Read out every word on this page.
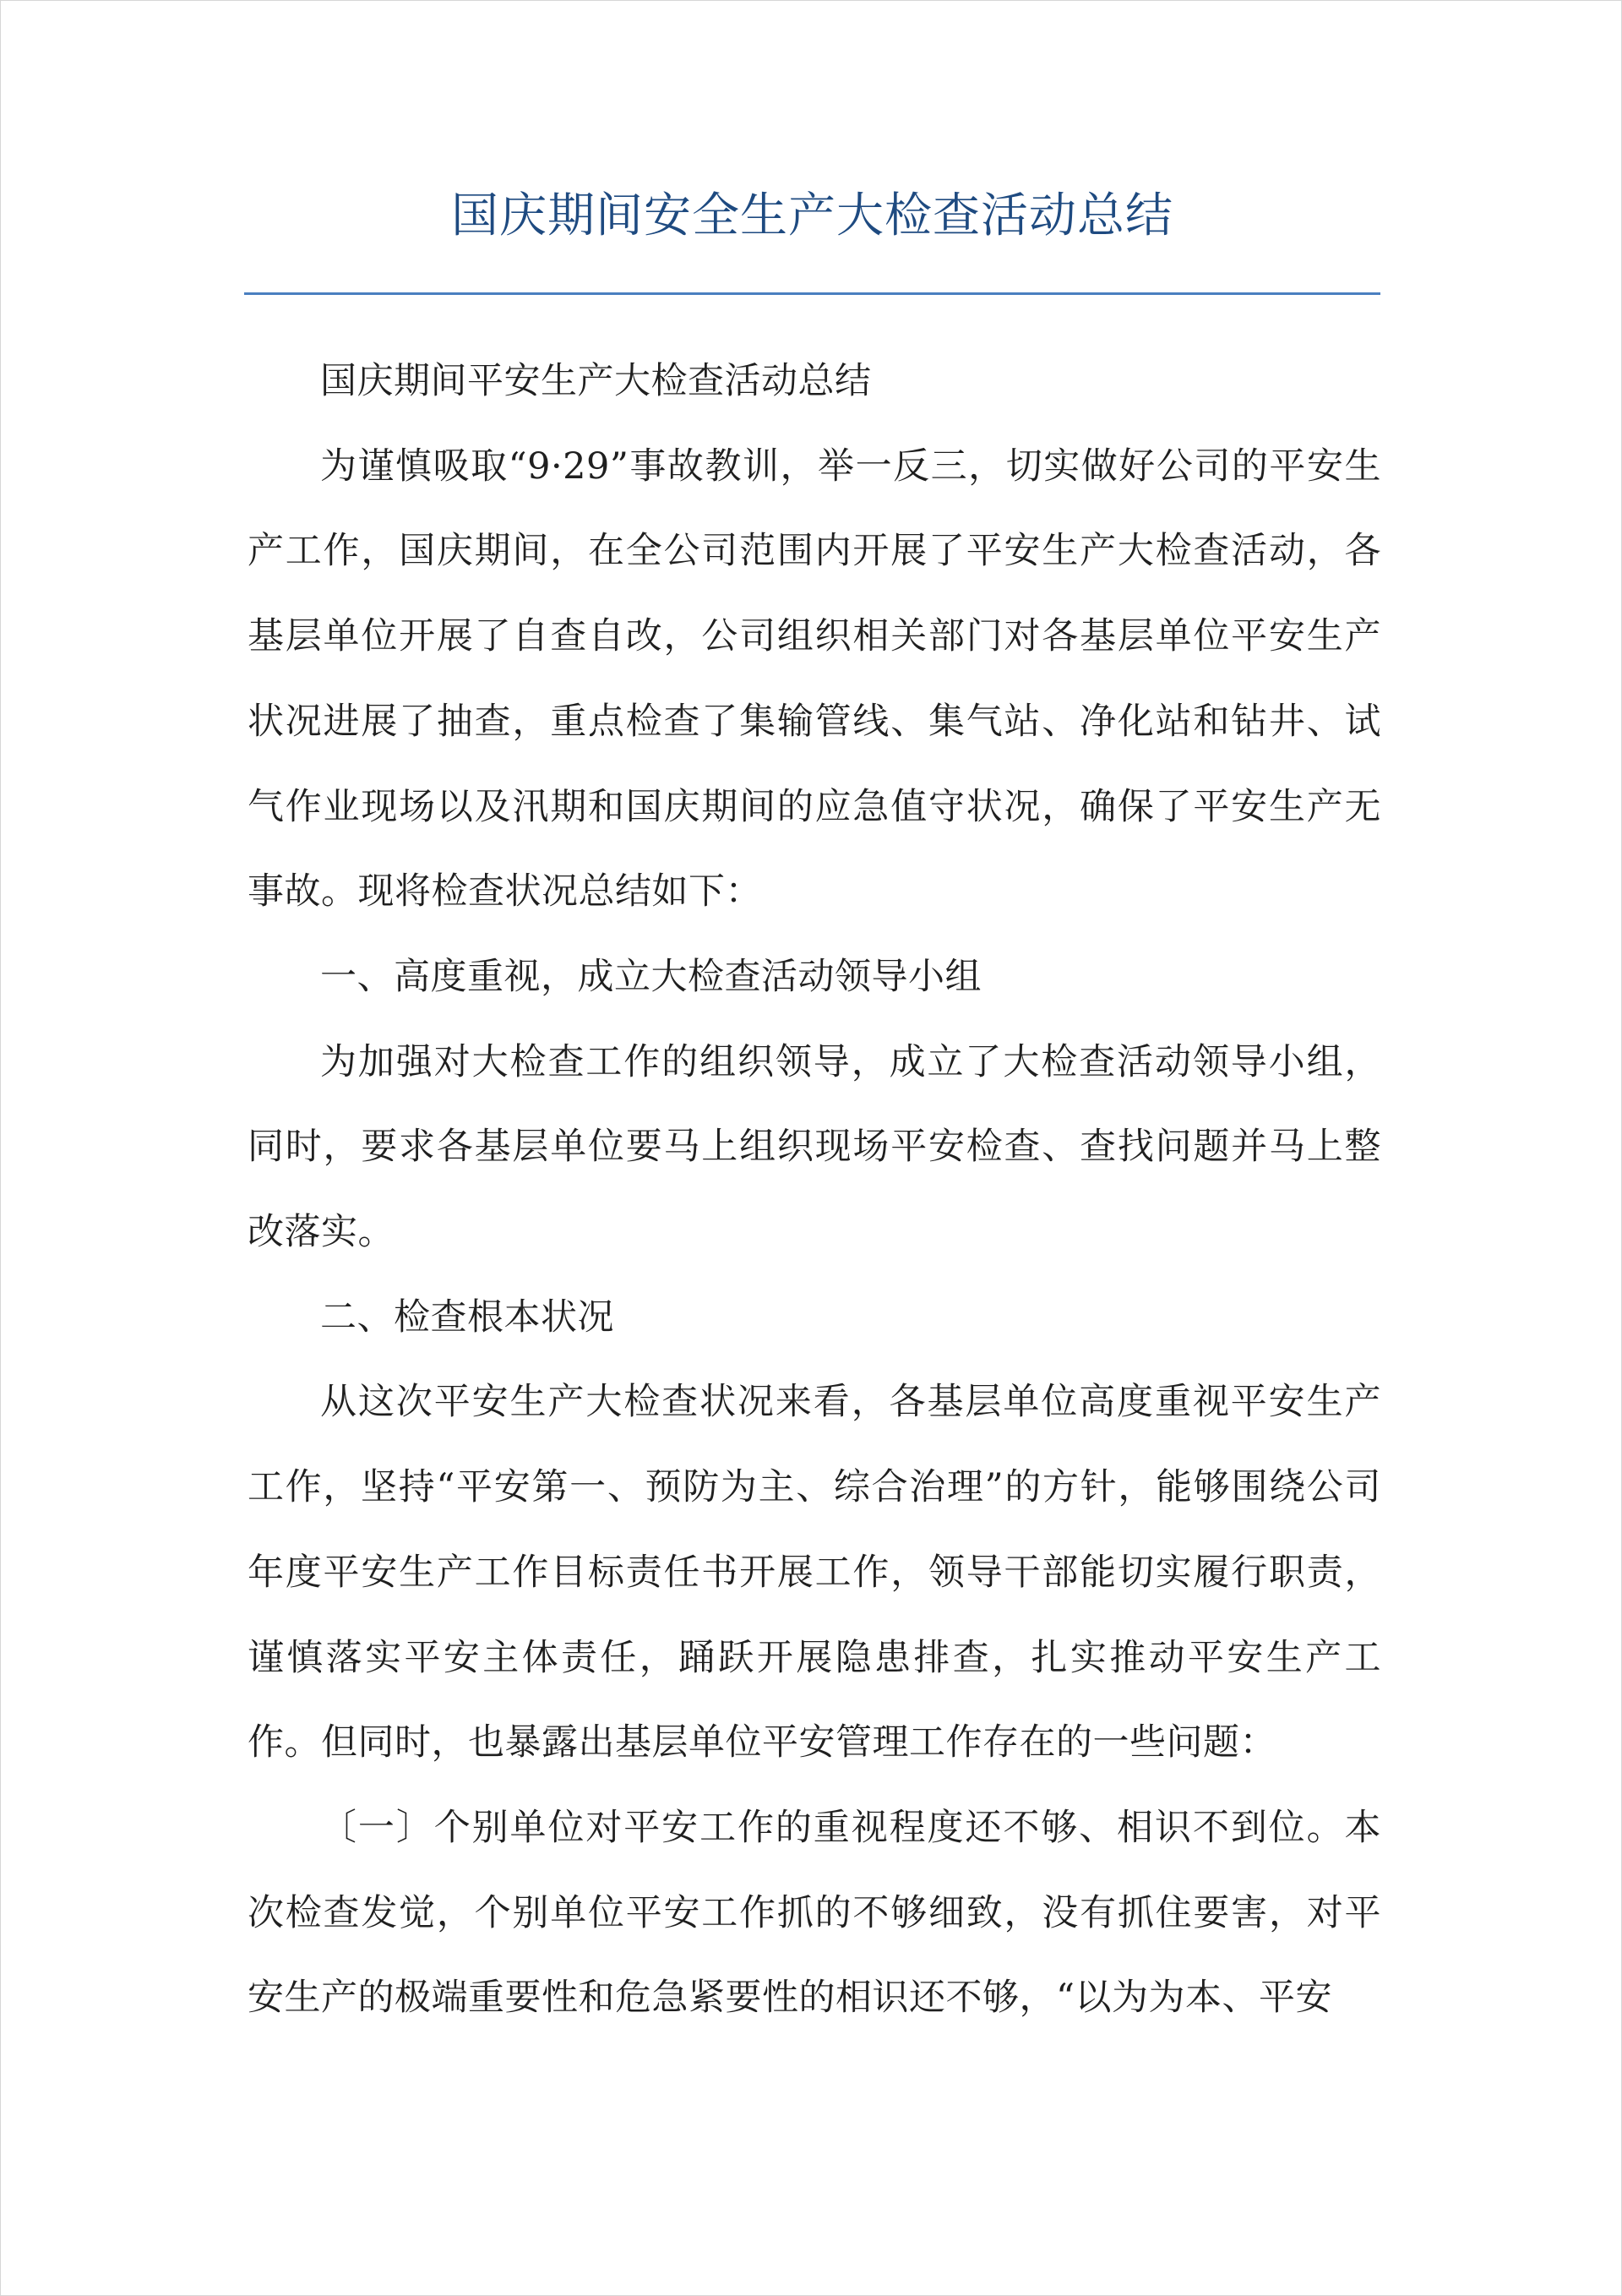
国庆期间安全生产大检查活动总结

国庆期间平安生产大检查活动总结

为谨慎吸取“9·29”事故教训，举一反三，切实做好公司的平安生产工作，国庆期间，在全公司范围内开展了平安生产大检查活动，各基层单位开展了自查自改，公司组织相关部门对各基层单位平安生产状况进展了抽查，重点检查了集输管线、集气站、净化站和钻井、试气作业现场以及汛期和国庆期间的应急值守状况，确保了平安生产无事故。现将检查状况总结如下：

一、高度重视，成立大检查活动领导小组

为加强对大检查工作的组织领导，成立了大检查活动领导小组，同时，要求各基层单位要马上组织现场平安检查、查找问题并马上整改落实。

二、检查根本状况

从这次平安生产大检查状况来看，各基层单位高度重视平安生产工作，坚持“平安第一、预防为主、综合治理”的方针，能够围绕公司年度平安生产工作目标责任书开展工作，领导干部能切实履行职责，谨慎落实平安主体责任，踊跃开展隐患排查，扎实推动平安生产工作。但同时，也暴露出基层单位平安管理工作存在的一些问题：

〔一〕个别单位对平安工作的重视程度还不够、相识不到位。本次检查发觉，个别单位平安工作抓的不够细致，没有抓住要害，对平安生产的极端重要性和危急紧要性的相识还不够，“以为为本、平安
